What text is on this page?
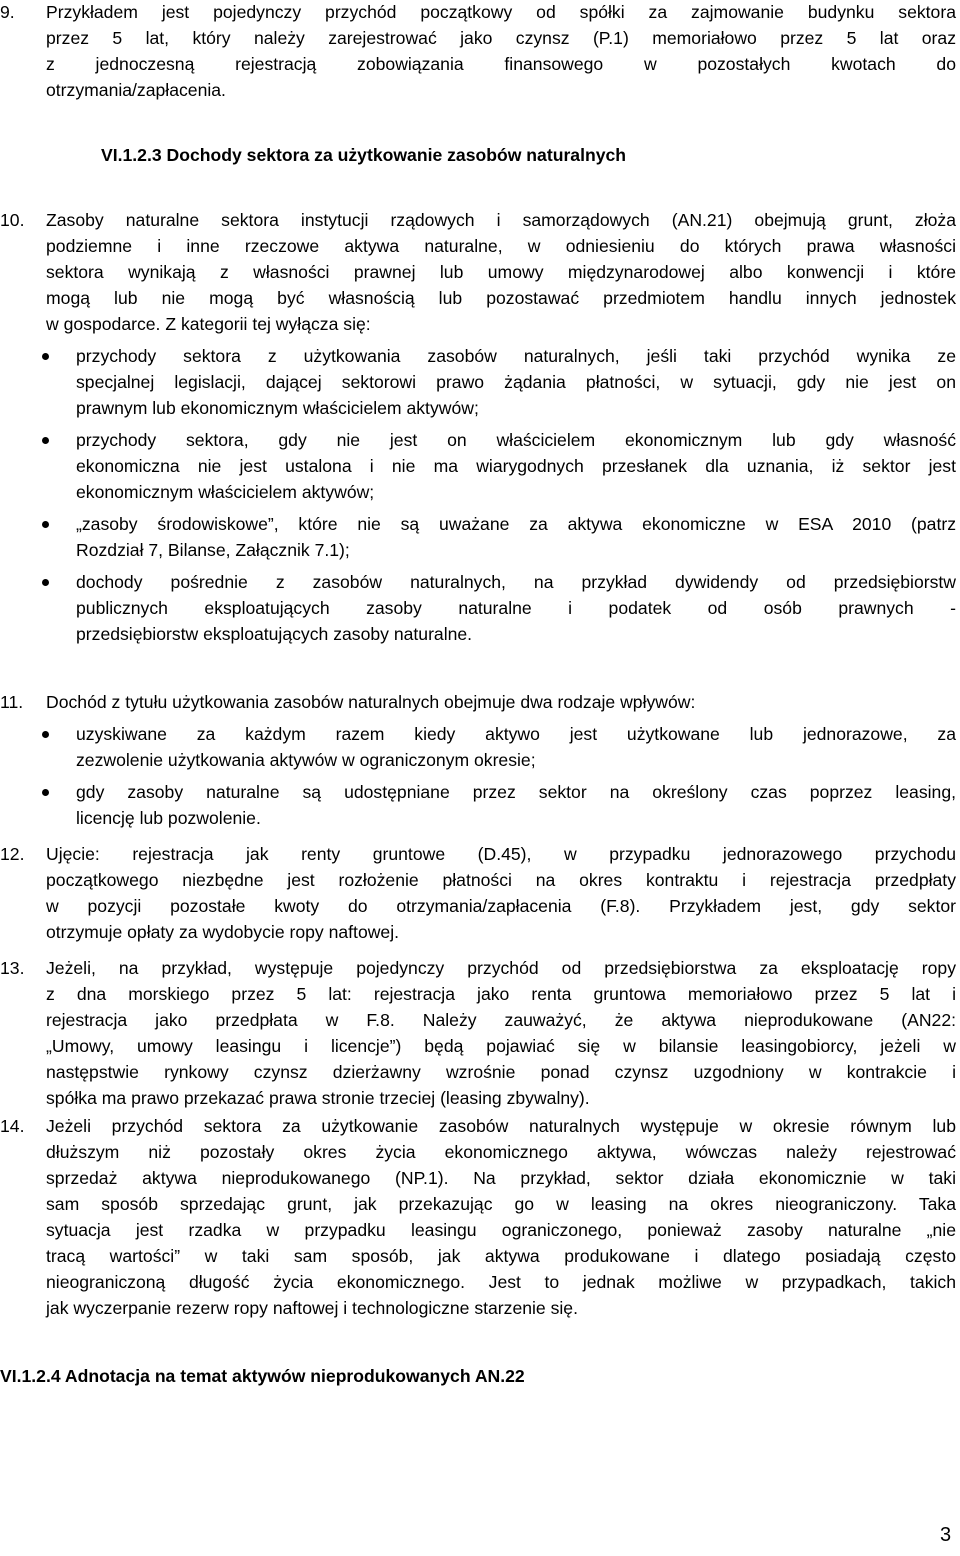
9. Przykładem jest pojedynczy przychód początkowy od spółki za zajmowanie budynku sektora
przez 5 lat, który należy zarejestrować jako czynsz (P.1) memoriałowo przez 5 lat oraz
z jednoczesną rejestracją zobowiązania finansowego w pozostałych kwotach do
otrzymania/zapłacenia.
VI.1.2.3 Dochody sektora za użytkowanie zasobów naturalnych
10. Zasoby naturalne sektora instytucji rządowych i samorządowych (AN.21) obejmują grunt, złoża
podziemne i inne rzeczowe aktywa naturalne, w odniesieniu do których prawa własności
sektora wynikają z własności prawnej lub umowy międzynarodowej albo konwencji i które
mogą lub nie mogą być własnością lub pozostawać przedmiotem handlu innych jednostek
w gospodarce. Z kategorii tej wyłącza się:
przychody sektora z użytkowania zasobów naturalnych, jeśli taki przychód wynika ze
specjalnej legislacji, dającej sektorowi prawo żądania płatności, w sytuacji, gdy nie jest on
prawnym lub ekonomicznym właścicielem aktywów;
przychody sektora, gdy nie jest on właścicielem ekonomicznym lub gdy własność
ekonomiczna nie jest ustalona i nie ma wiarygodnych przesłanek dla uznania, iż sektor jest
ekonomicznym właścicielem aktywów;
„zasoby środowiskowe”, które nie są uważane za aktywa ekonomiczne w ESA 2010 (patrz
Rozdział 7, Bilanse, Załącznik 7.1);
dochody pośrednie z zasobów naturalnych, na przykład dywidendy od przedsiębiorstw
publicznych eksploatujących zasoby naturalne i podatek od osób prawnych -
przedsiębiorstw eksploatujących zasoby naturalne.
11. Dochód z tytułu użytkowania zasobów naturalnych obejmuje dwa rodzaje wpływów:
uzyskiwane za każdym razem kiedy aktywo jest użytkowane lub jednorazowe, za
zezwolenie użytkowania aktywów w ograniczonym okresie;
gdy zasoby naturalne są udostępniane przez sektor na określony czas poprzez leasing,
licencję lub pozwolenie.
12. Ujęcie: rejestracja jak renty gruntowe (D.45), w przypadku jednorazowego przychodu
początkowego niezbędne jest rozłożenie płatności na okres kontraktu i rejestracja przedpłaty
w pozycji pozostałe kwoty do otrzymania/zapłacenia (F.8). Przykładem jest, gdy sektor
otrzymuje opłaty za wydobycie ropy naftowej.
13. Jeżeli, na przykład, występuje pojedynczy przychód od przedsiębiorstwa za eksploatację ropy
z dna morskiego przez 5 lat: rejestracja jako renta gruntowa memoriałowo przez 5 lat i
rejestracja jako przedpłata w F.8. Należy zauważyć, że aktywa nieprodukowane (AN22:
„Umowy, umowy leasingu i licencje”) będą pojawiać się w bilansie leasingobiorcy, jeżeli w
następstwie rynkowy czynsz dzierżawny wzrośnie ponad czynsz uzgodniony w kontrakcie i
spółka ma prawo przekazać prawa stronie trzeciej (leasing zbywalny).
14. Jeżeli przychód sektora za użytkowanie zasobów naturalnych występuje w okresie równym lub
dłuższym niż pozostały okres życia ekonomicznego aktywa, wówczas należy rejestrować
sprzedaż aktywa nieprodukowanego (NP.1). Na przykład, sektor działa ekonomicznie w taki
sam sposób sprzedając grunt, jak przekazując go w leasing na okres nieograniczony. Taka
sytuacja jest rzadka w przypadku leasingu ograniczonego, ponieważ zasoby naturalne „nie
tracą wartości” w taki sam sposób, jak aktywa produkowane i dlatego posiadają często
nieograniczoną długość życia ekonomicznego. Jest to jednak możliwe w przypadkach, takich
jak wyczerpanie rezerw ropy naftowej i technologiczne starzenie się.
VI.1.2.4 Adnotacja na temat aktywów nieprodukowanych AN.22
3
